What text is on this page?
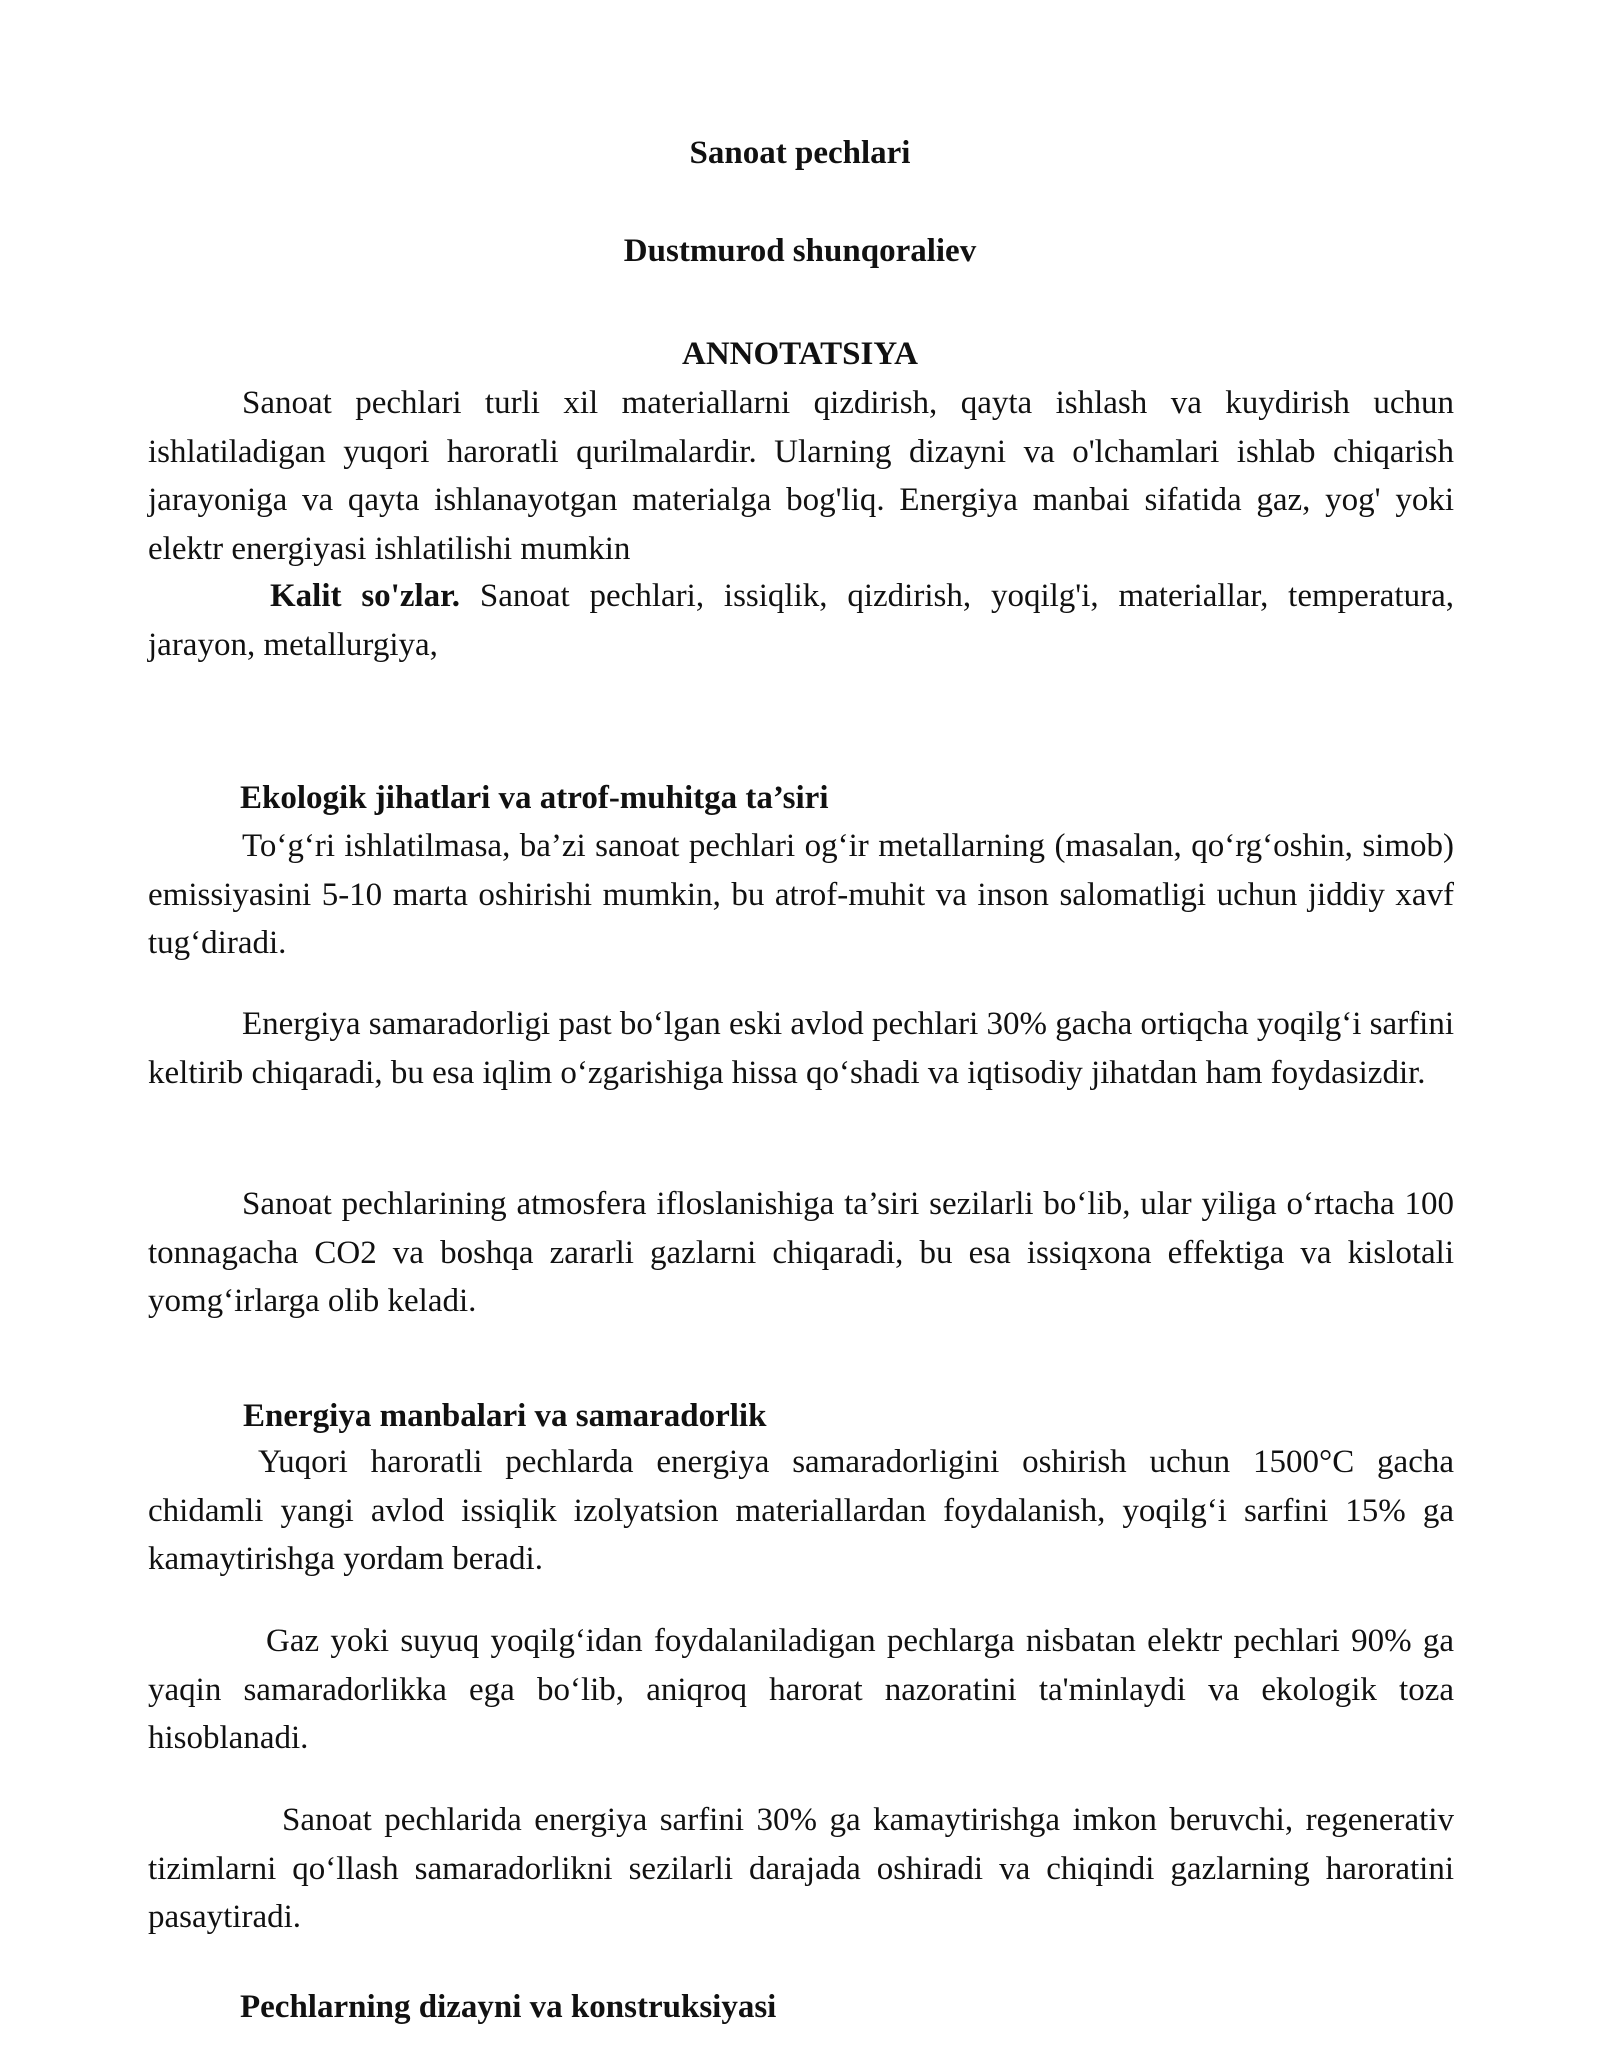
Sanoat pechlari
Dustmurod shunqoraliev
ANNOTATSIYA
Sanoat pechlari turli xil materiallarni qizdirish, qayta ishlash va kuydirish uchun ishlatiladigan yuqori haroratli qurilmalardir. Ularning dizayni va o'lchamlari ishlab chiqarish jarayoniga va qayta ishlanayotgan materialga bog'liq. Energiya manbai sifatida gaz, yog' yoki elektr energiyasi ishlatilishi mumkin
Kalit so'zlar. Sanoat pechlari, issiqlik, qizdirish, yoqilg'i, materiallar, temperatura, jarayon, metallurgiya,
Ekologik jihatlari va atrof-muhitga ta’siri
To‘g‘ri ishlatilmasa, ba’zi sanoat pechlari og‘ir metallarning (masalan, qo‘rg‘oshin, simob) emissiyasini 5-10 marta oshirishi mumkin, bu atrof-muhit va inson salomatligi uchun jiddiy xavf tug‘diradi.
Energiya samaradorligi past bo‘lgan eski avlod pechlari 30% gacha ortiqcha yoqilg‘i sarfini keltirib chiqaradi, bu esa iqlim o‘zgarishiga hissa qo‘shadi va iqtisodiy jihatdan ham foydasizdir.
Sanoat pechlarining atmosfera ifloslanishiga ta’siri sezilarli bo‘lib, ular yiliga o‘rtacha 100 tonnagacha CO2 va boshqa zararli gazlarni chiqaradi, bu esa issiqxona effektiga va kislotali yomg‘irlarga olib keladi.
Energiya manbalari va samaradorlik
Yuqori haroratli pechlarda energiya samaradorligini oshirish uchun 1500°C gacha chidamli yangi avlod issiqlik izolyatsion materiallardan foydalanish, yoqilg‘i sarfini 15% ga kamaytirishga yordam beradi.
Gaz yoki suyuq yoqilg‘idan foydalaniladigan pechlarga nisbatan elektr pechlari 90% ga yaqin samaradorlikka ega bo‘lib, aniqroq harorat nazoratini ta'minlaydi va ekologik toza hisoblanadi.
Sanoat pechlarida energiya sarfini 30% ga kamaytirishga imkon beruvchi, regenerativ tizimlarni qo‘llash samaradorlikni sezilarli darajada oshiradi va chiqindi gazlarning haroratini pasaytiradi.
Pechlarning dizayni va konstruksiyasi
